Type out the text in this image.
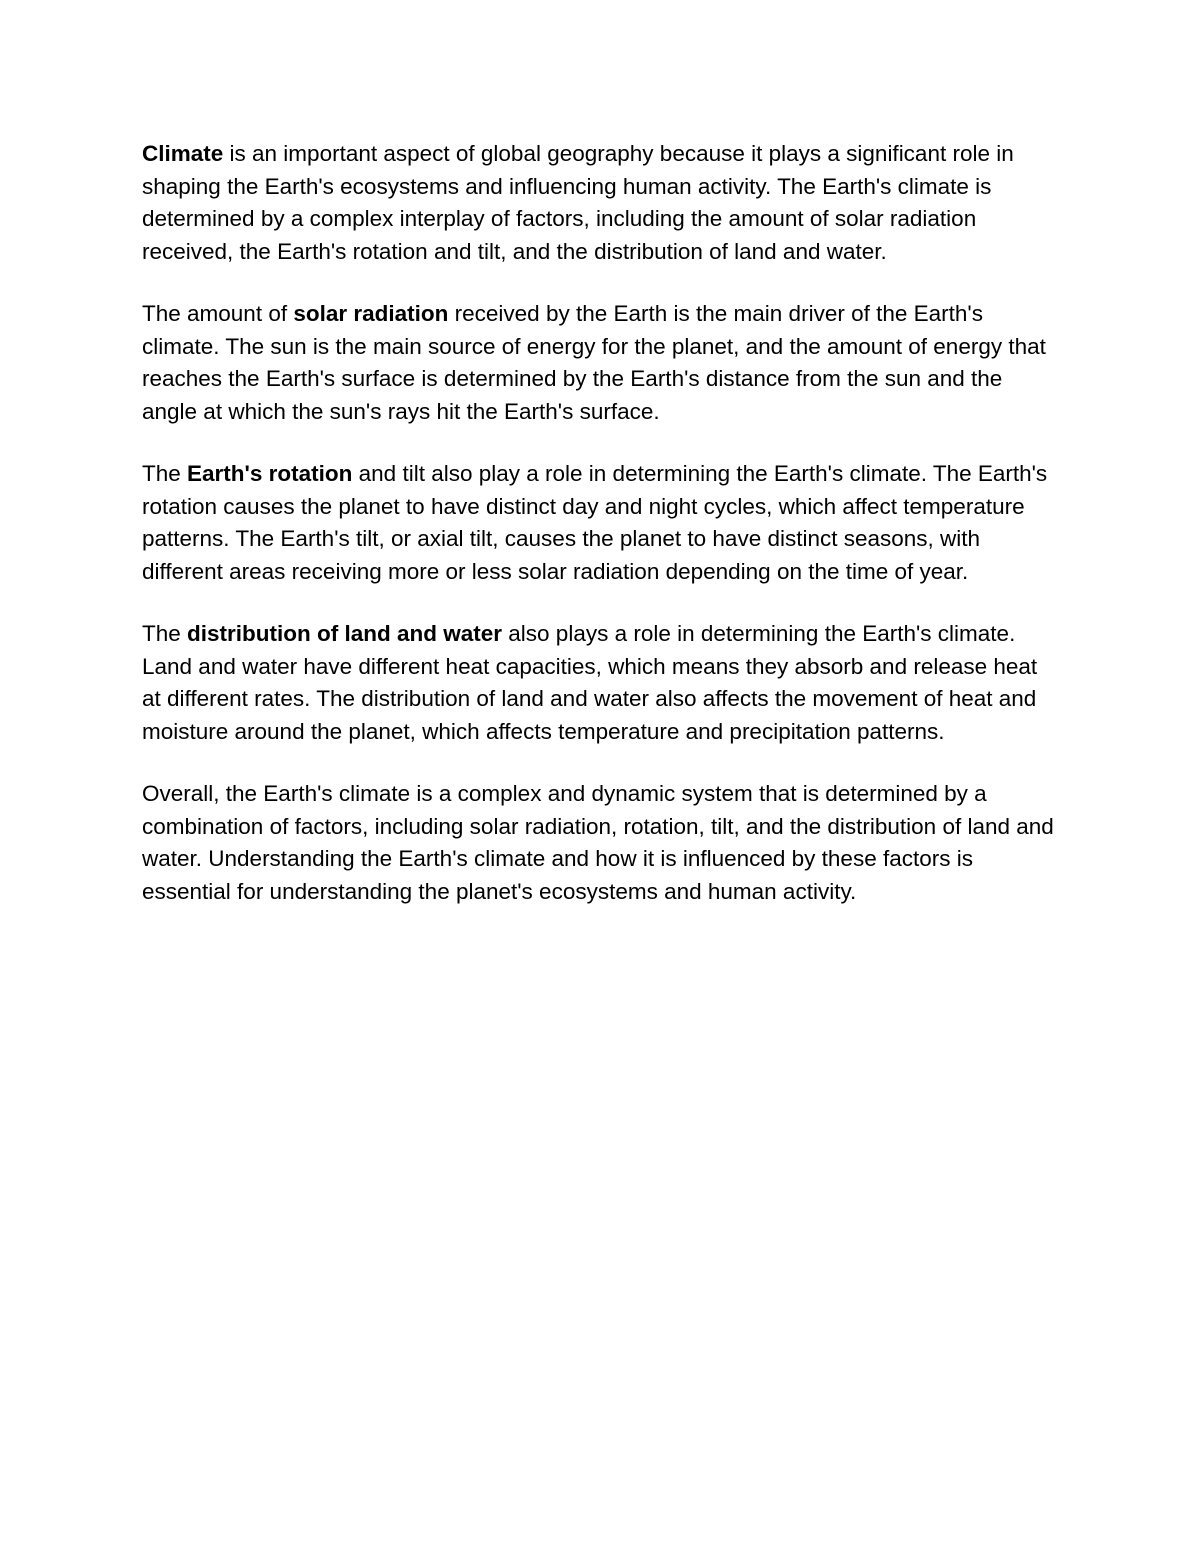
Climate is an important aspect of global geography because it plays a significant role in shaping the Earth's ecosystems and influencing human activity. The Earth's climate is determined by a complex interplay of factors, including the amount of solar radiation received, the Earth's rotation and tilt, and the distribution of land and water.

The amount of solar radiation received by the Earth is the main driver of the Earth's climate. The sun is the main source of energy for the planet, and the amount of energy that reaches the Earth's surface is determined by the Earth's distance from the sun and the angle at which the sun's rays hit the Earth's surface.

The Earth's rotation and tilt also play a role in determining the Earth's climate. The Earth's rotation causes the planet to have distinct day and night cycles, which affect temperature patterns. The Earth's tilt, or axial tilt, causes the planet to have distinct seasons, with different areas receiving more or less solar radiation depending on the time of year.

The distribution of land and water also plays a role in determining the Earth's climate. Land and water have different heat capacities, which means they absorb and release heat at different rates. The distribution of land and water also affects the movement of heat and moisture around the planet, which affects temperature and precipitation patterns.

Overall, the Earth's climate is a complex and dynamic system that is determined by a combination of factors, including solar radiation, rotation, tilt, and the distribution of land and water. Understanding the Earth's climate and how it is influenced by these factors is essential for understanding the planet's ecosystems and human activity.
